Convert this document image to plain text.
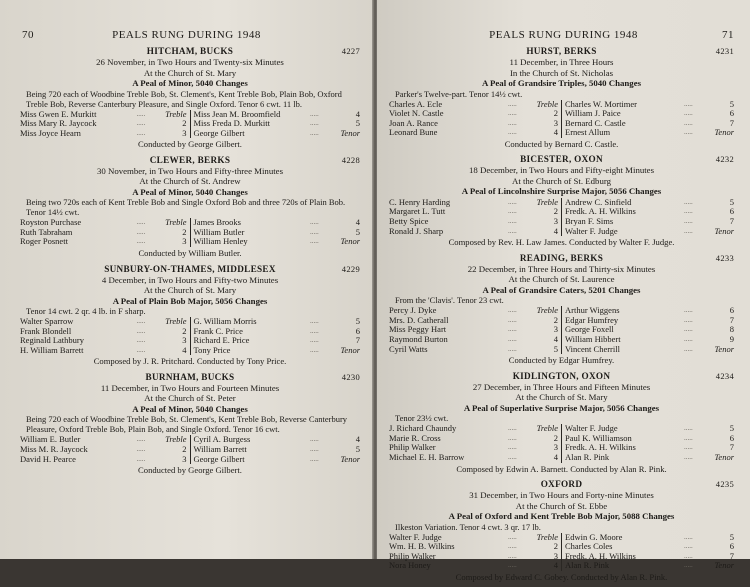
70	PEALS RUNG DURING 1948
HITCHAM, BUCKS	4227
26 November, in Two Hours and Twenty-six Minutes
At the Church of St. Mary
A Peal of Minor, 5040 Changes
Being 720 each of Woodbine Treble Bob, St. Clement's, Kent Treble Bob, Plain Bob, Oxford Treble Bob, Reverse Canterbury Pleasure, and Single Oxford. Tenor 6 cwt. 11 lb.
Miss Gwen E. Murkitt	.....	Treble
Miss Mary R. Jaycock	.....	2
Miss Joyce Hearn	.....	3
Miss Jean M. Broomfield	.....	4
Miss Freda D. Murkitt	.....	5
George Gilbert	.....	Tenor
Conducted by George Gilbert.
CLEWER, BERKS	4228
30 November, in Two Hours and Fifty-three Minutes
At the Church of St. Andrew
A Peal of Minor, 5040 Changes
Being two 720s each of Kent Treble Bob and Single Oxford Bob and three 720s of Plain Bob. Tenor 14½ cwt.
Royston Purchase	.....	Treble
Ruth Tabraham	.....	2
Roger Posnett	.....	3
James Brooks	.....	4
William Butler	.....	5
William Henley	.....	Tenor
Conducted by William Butler.
SUNBURY-ON-THAMES, MIDDLESEX	4229
4 December, in Two Hours and Fifty-two Minutes
At the Church of St. Mary
A Peal of Plain Bob Major, 5056 Changes
Tenor 14 cwt. 2 qr. 4 lb. in F sharp.
Walter Sparrow	.....	Treble
Frank Blondell	.....	2
Reginald Lathbury	.....	3
H. William Barrett	.....	4
G. William Morris	.....	5
Frank C. Price	.....	6
Richard E. Price	.....	7
Tony Price	.....	Tenor
Composed by J. R. Pritchard. Conducted by Tony Price.
BURNHAM, BUCKS	4230
11 December, in Two Hours and Fourteen Minutes
At the Church of St. Peter
A Peal of Minor, 5040 Changes
Being 720 each of Woodbine Treble Bob, St. Clement's, Kent Treble Bob, Reverse Canterbury Pleasure, Oxford Treble Bob, Plain Bob, and Single Oxford. Tenor 16 cwt.
William E. Butler	.....	Treble
Miss M. R. Jaycock	.....	2
David H. Pearce	.....	3
Cyril A. Burgess	.....	4
William Barrett	.....	5
George Gilbert	.....	Tenor
Conducted by George Gilbert.
PEALS RUNG DURING 1948	71
HURST, BERKS	4231
11 December, in Three Hours
In the Church of St. Nicholas
A Peal of Grandsire Triples, 5040 Changes
Parker's Twelve-part. Tenor 14½ cwt.
Charles A. Ecle	.....	Treble
Violet N. Castle	.....	2
Joan A. Rance	.....	3
Leonard Bune	.....	4
Charles W. Mortimer	.....	5
William J. Paice	.....	6
Bernard C. Castle	.....	7
Ernest Allum	.....	Tenor
Conducted by Bernard C. Castle.
BICESTER, OXON	4232
18 December, in Two Hours and Fifty-eight Minutes
At the Church of St. Edburg
A Peal of Lincolnshire Surprise Major, 5056 Changes
C. Henry Harding	.....	Treble
Margaret L. Tutt	.....	2
Betty Spice	.....	3
Ronald J. Sharp	.....	4
Andrew C. Sinfield	.....	5
Fredk. A. H. Wilkins	.....	6
Bryan F. Sims	.....	7
Walter F. Judge	.....	Tenor
Composed by Rev. H. Law James. Conducted by Walter F. Judge.
READING, BERKS	4233
22 December, in Three Hours and Thirty-six Minutes
At the Church of St. Laurence
A Peal of Grandsire Caters, 5201 Changes
From the 'Clavis'. Tenor 23 cwt.
Percy J. Dyke	.....	Treble
Mrs. D. Catherall	.....	2
Miss Peggy Hart	.....	3
Raymond Burton	.....	4
Cyril Watts	.....	5
Arthur Wiggens	.....	6
Edgar Humfrey	.....	7
George Foxell	.....	8
William Hibbert	.....	9
Vincent Cherrill	.....	Tenor
Conducted by Edgar Humfrey.
KIDLINGTON, OXON	4234
27 December, in Three Hours and Fifteen Minutes
At the Church of St. Mary
A Peal of Superlative Surprise Major, 5056 Changes
Tenor 23½ cwt.
J. Richard Chaundy	.....	Treble
Marie R. Cross	.....	2
Philip Walker	.....	3
Michael E. H. Barrow	.....	4
Walter F. Judge	.....	5
Paul K. Williamson	.....	6
Fredk. A. H. Wilkins	.....	7
Alan R. Pink	.....	Tenor
Composed by Edwin A. Barnett. Conducted by Alan R. Pink.
OXFORD	4235
31 December, in Two Hours and Forty-nine Minutes
At the Church of St. Ebbe
A Peal of Oxford and Kent Treble Bob Major, 5088 Changes
Ilkeston Variation. Tenor 4 cwt. 3 qr. 17 lb.
Walter F. Judge	.....	Treble
Wm. H. B. Wilkins	.....	2
Philip Walker	.....	3
Nora Honey	.....	4
Edwin G. Moore	.....	5
Charles Coles	.....	6
Fredk. A. H. Wilkins	.....	7
Alan R. Pink	.....	Tenor
Composed by Edward C. Gobey. Conducted by Alan R. Pink.
